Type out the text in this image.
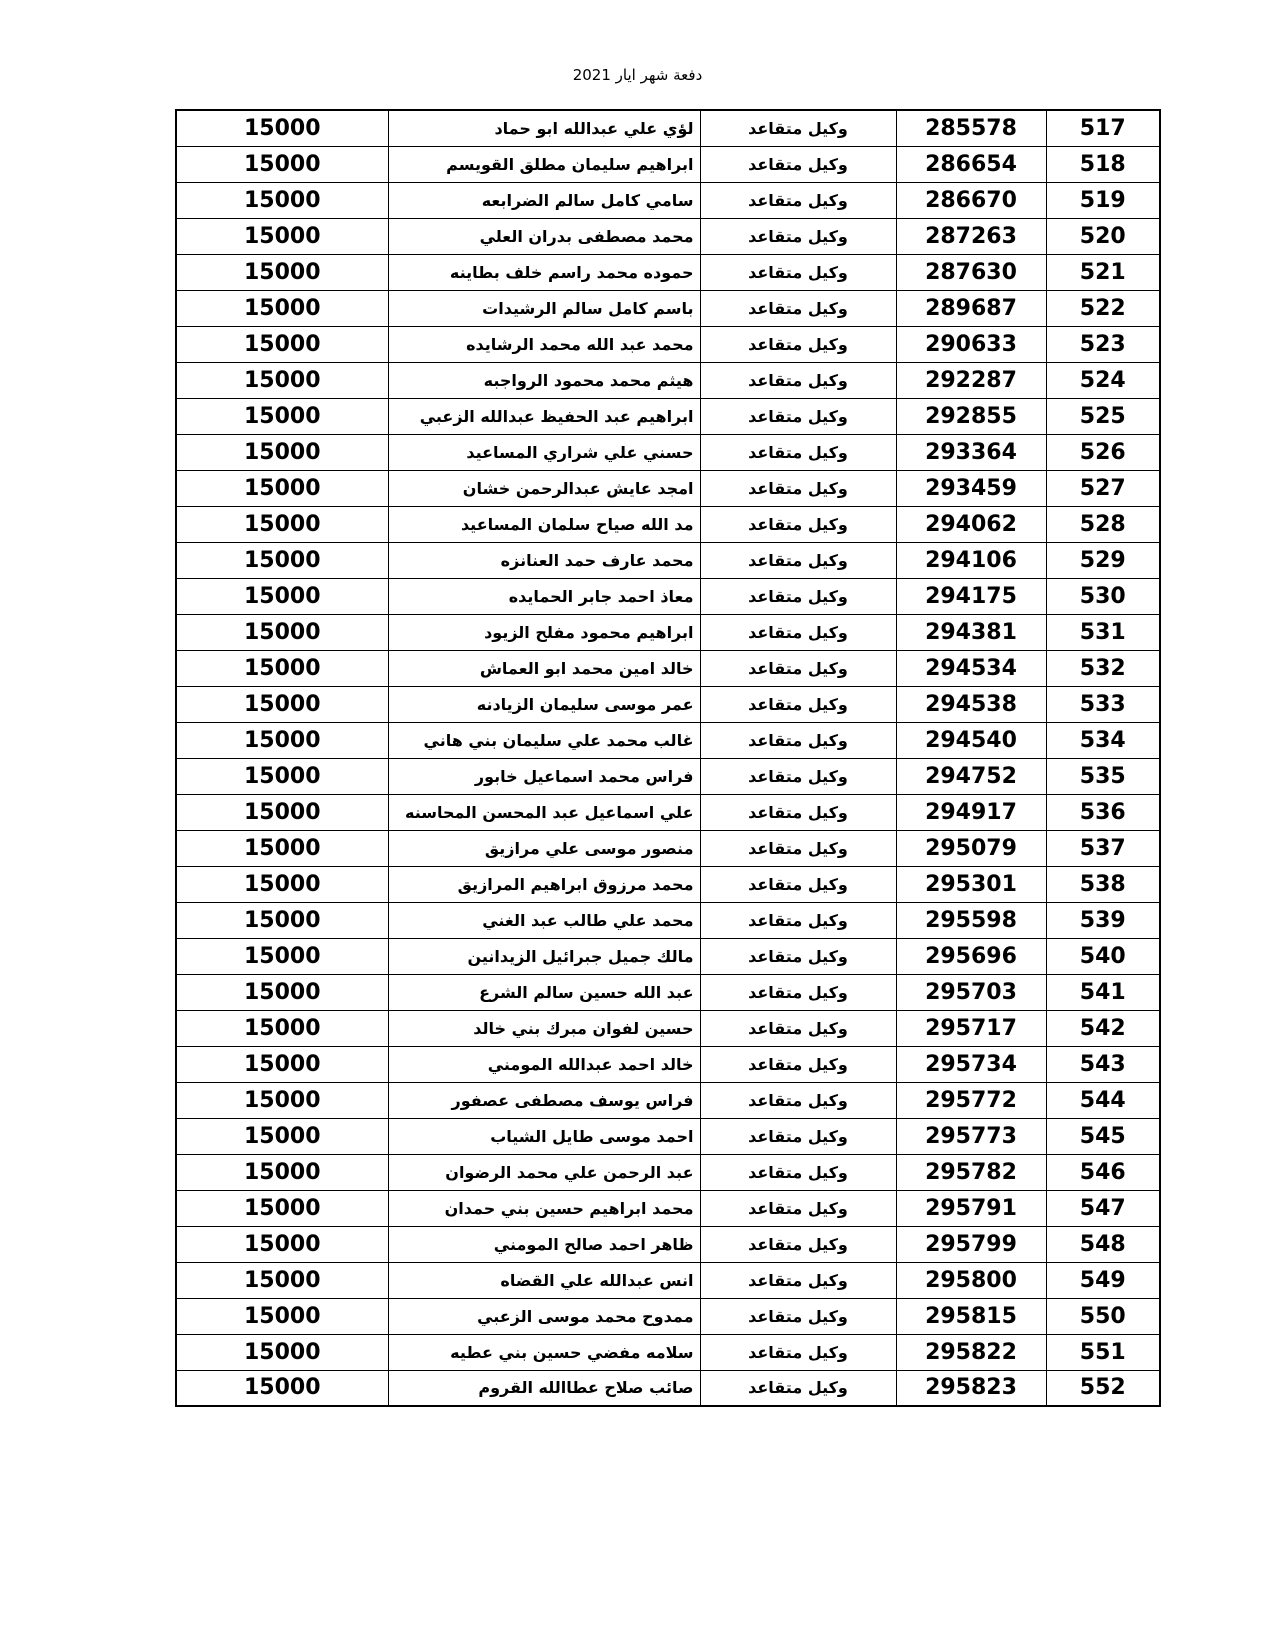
دفعة شهر ايار 2021
15000	لؤي علي عبدالله ابو حماد	وكيل متقاعد	285578	517
15000	ابراهيم سليمان مطلق القويسم	وكيل متقاعد	286654	518
15000	سامي كامل سالم الضرابعه	وكيل متقاعد	286670	519
15000	محمد مصطفى بدران العلي	وكيل متقاعد	287263	520
15000	حموده محمد راسم خلف بطاينه	وكيل متقاعد	287630	521
15000	باسم كامل سالم الرشيدات	وكيل متقاعد	289687	522
15000	محمد عبد الله محمد الرشايده	وكيل متقاعد	290633	523
15000	هيثم محمد محمود الرواجبه	وكيل متقاعد	292287	524
15000	ابراهيم عبد الحفيظ عبدالله الزعبي	وكيل متقاعد	292855	525
15000	حسني علي شراري المساعيد	وكيل متقاعد	293364	526
15000	امجد عايش عبدالرحمن خشان	وكيل متقاعد	293459	527
15000	مد الله صياح سلمان المساعيد	وكيل متقاعد	294062	528
15000	محمد عارف حمد العنانزه	وكيل متقاعد	294106	529
15000	معاذ احمد جابر الحمايده	وكيل متقاعد	294175	530
15000	ابراهيم محمود مفلح الزيود	وكيل متقاعد	294381	531
15000	خالد امين محمد ابو العماش	وكيل متقاعد	294534	532
15000	عمر موسى سليمان الزيادنه	وكيل متقاعد	294538	533
15000	غالب محمد علي سليمان بني هاني	وكيل متقاعد	294540	534
15000	فراس محمد اسماعيل خابور	وكيل متقاعد	294752	535
15000	علي اسماعيل عبد المحسن المحاسنه	وكيل متقاعد	294917	536
15000	منصور موسى علي مرازيق	وكيل متقاعد	295079	537
15000	محمد مرزوق ابراهيم المرازيق	وكيل متقاعد	295301	538
15000	محمد علي طالب عبد الغني	وكيل متقاعد	295598	539
15000	مالك جميل جبرائيل الزيدانين	وكيل متقاعد	295696	540
15000	عبد الله حسين سالم الشرع	وكيل متقاعد	295703	541
15000	حسين لفوان مبرك بني خالد	وكيل متقاعد	295717	542
15000	خالد احمد عبدالله المومني	وكيل متقاعد	295734	543
15000	فراس يوسف مصطفى عصفور	وكيل متقاعد	295772	544
15000	احمد موسى طايل الشياب	وكيل متقاعد	295773	545
15000	عبد الرحمن علي محمد الرضوان	وكيل متقاعد	295782	546
15000	محمد ابراهيم حسين بني حمدان	وكيل متقاعد	295791	547
15000	ظاهر احمد صالح المومني	وكيل متقاعد	295799	548
15000	انس عبدالله علي القضاه	وكيل متقاعد	295800	549
15000	ممدوح محمد موسى الزعبي	وكيل متقاعد	295815	550
15000	سلامه مفضي حسين بني عطيه	وكيل متقاعد	295822	551
15000	صائب صلاح عطاالله القروم	وكيل متقاعد	295823	552
